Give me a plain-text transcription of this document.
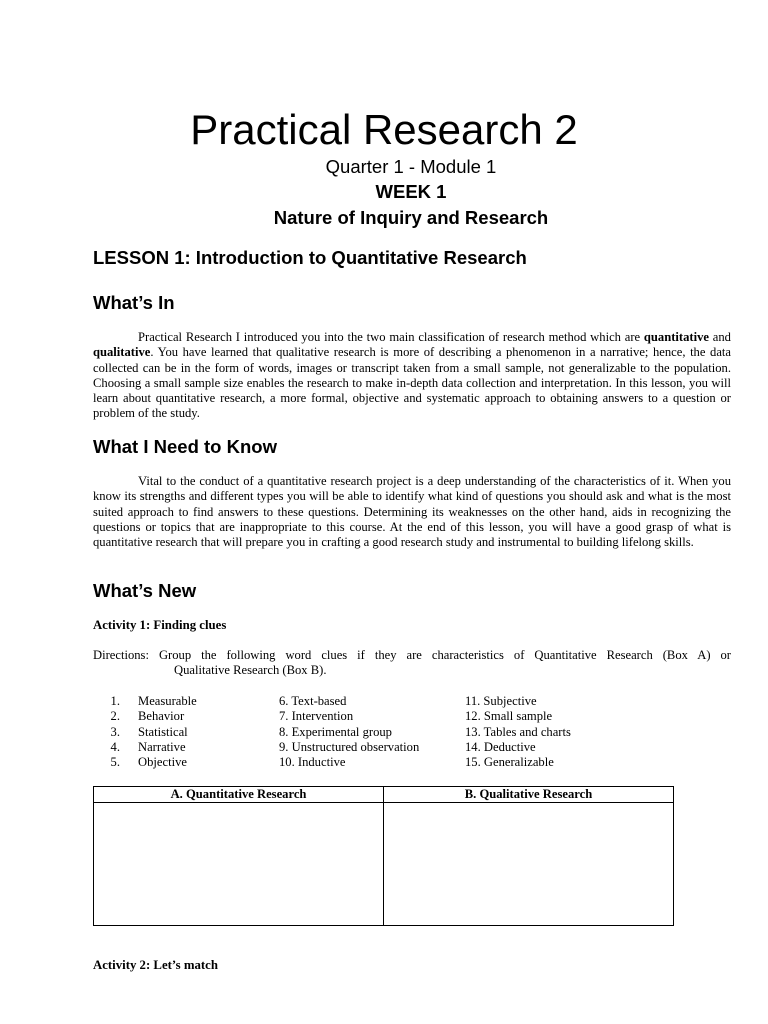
Practical Research 2
Quarter 1 - Module 1
WEEK 1
Nature of Inquiry and Research
LESSON 1: Introduction to Quantitative Research
What’s In

Practical Research I introduced you into the two main classification of research method which are quantitative and qualitative. You have learned that qualitative research is more of describing a phenomenon in a narrative; hence, the data collected can be in the form of words, images or transcript taken from a small sample, not generalizable to the population. Choosing a small sample size enables the research to make in-depth data collection and interpretation. In this lesson, you will learn about quantitative research, a more formal, objective and systematic approach to obtaining answers to a question or problem of the study.

What I Need to Know

Vital to the conduct of a quantitative research project is a deep understanding of the characteristics of it. When you know its strengths and different types you will be able to identify what kind of questions you should ask and what is the most suited approach to find answers to these questions. Determining its weaknesses on the other hand, aids in recognizing the questions or topics that are inappropriate to this course. At the end of this lesson, you will have a good grasp of what is quantitative research that will prepare you in crafting a good research study and instrumental to building lifelong skills.

What’s New
Activity 1: Finding clues
Directions: Group the following word clues if they are characteristics of Quantitative Research (Box A) or
Qualitative Research (Box B).
1. Measurable
2. Behavior
3. Statistical
4. Narrative
5. Objective
6. Text-based
7. Intervention
8. Experimental group
9. Unstructured observation
10. Inductive
11. Subjective
12. Small sample
13. Tables and charts
14. Deductive
15. Generalizable
A. Quantitative Research	B. Qualitative Research

Activity 2: Let’s match
